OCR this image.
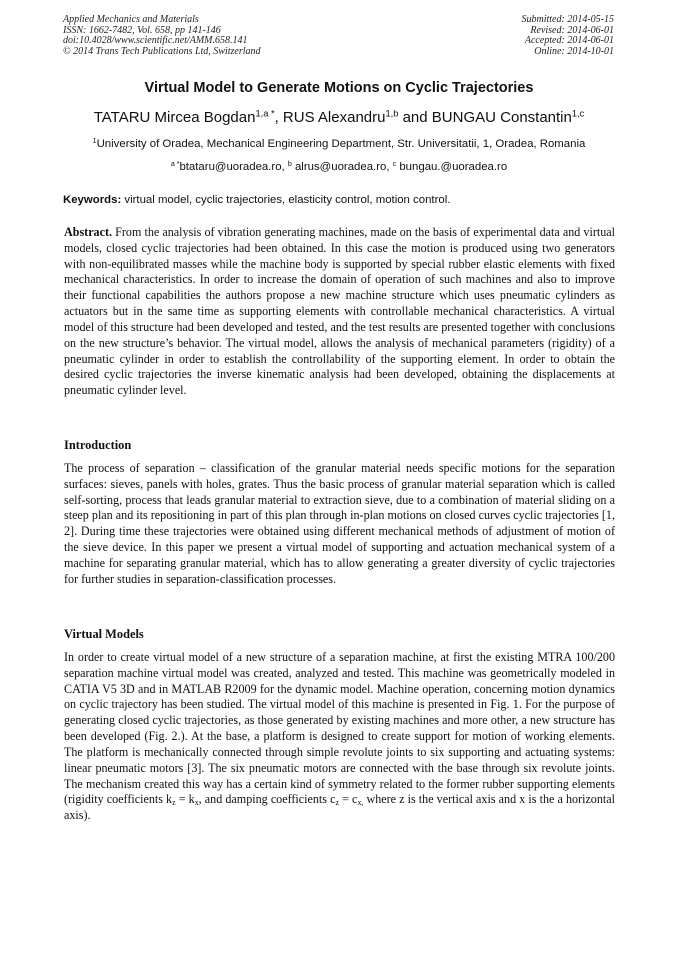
Applied Mechanics and Materials
ISSN: 1662-7482, Vol. 658, pp 141-146
doi:10.4028/www.scientific.net/AMM.658.141
© 2014 Trans Tech Publications Ltd, Switzerland
Submitted: 2014-05-15
Revised: 2014-06-01
Accepted: 2014-06-01
Online: 2014-10-01
Virtual Model to Generate Motions on Cyclic Trajectories
TATARU Mircea Bogdan$^{1,a *}$, RUS Alexandru$^{1,b}$ and BUNGAU Constantin$^{1,c}$
$^1$University of Oradea, Mechanical Engineering Department, Str. Universitatii, 1, Oradea, Romania
$^{a *}$btataru@uoradea.ro, $^b$ alrus@uoradea.ro, $^c$ bungau.@uoradea.ro
Keywords: virtual model, cyclic trajectories, elasticity control, motion control.
Abstract. From the analysis of vibration generating machines, made on the basis of experimental data and virtual models, closed cyclic trajectories had been obtained. In this case the motion is produced using two generators with non-equilibrated masses while the machine body is supported by special rubber elastic elements with fixed mechanical characteristics. In order to increase the domain of operation of such machines and also to improve their functional capabilities the authors propose a new machine structure which uses pneumatic cylinders as actuators but in the same time as supporting elements with controllable mechanical characteristics. A virtual model of this structure had been developed and tested, and the test results are presented together with conclusions on the new structure’s behavior. The virtual model, allows the analysis of mechanical parameters (rigidity) of a pneumatic cylinder in order to establish the controllability of the supporting element. In order to obtain the desired cyclic trajectories the inverse kinematic analysis had been developed, obtaining the displacements at pneumatic cylinder level.
Introduction
The process of separation – classification of the granular material needs specific motions for the separation surfaces: sieves, panels with holes, grates. Thus the basic process of granular material separation which is called self-sorting, process that leads granular material to extraction sieve, due to a combination of material sliding on a steep plan and its repositioning in part of this plan through in-plan motions on closed curves cyclic trajectories [1, 2]. During time these trajectories were obtained using different mechanical methods of adjustment of motion of the sieve device. In this paper we present a virtual model of supporting and actuation mechanical system of a machine for separating granular material, which has to allow generating a greater diversity of cyclic trajectories for further studies in separation-classification processes.
Virtual Models
In order to create virtual model of a new structure of a separation machine, at first the existing MTRA 100/200 separation machine virtual model was created, analyzed and tested. This machine was geometrically modeled in CATIA V5 3D and in MATLAB R2009 for the dynamic model. Machine operation, concerning motion dynamics on cyclic trajectory has been studied. The virtual model of this machine is presented in Fig. 1. For the purpose of generating closed cyclic trajectories, as those generated by existing machines and more other, a new structure has been developed (Fig. 2.). At the base, a platform is designed to create support for motion of working elements. The platform is mechanically connected through simple revolute joints to six supporting and actuating systems: linear pneumatic motors [3]. The six pneumatic motors are connected with the base through six revolute joints. The mechanism created this way has a certain kind of symmetry related to the former rubber supporting elements (rigidity coefficients $k_z = k_x$, and damping coefficients $c_z = c_{x,}$ where z is the vertical axis and x is the a horizontal axis).
